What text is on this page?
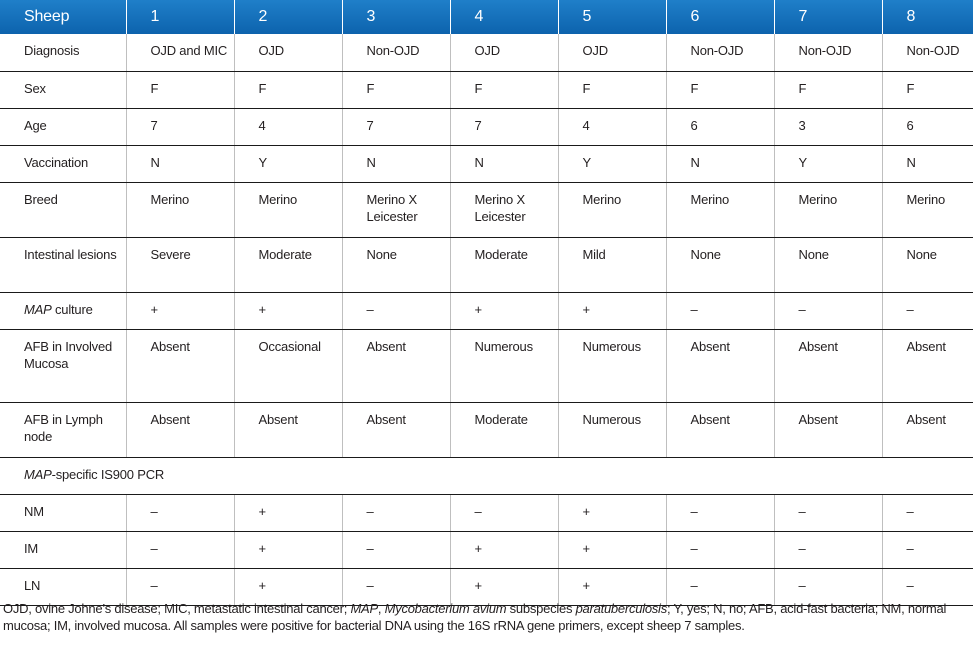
Sheep	1	2	3	4	5	6	7	8
Diagnosis	OJD and MIC	OJD	Non-OJD	OJD	OJD	Non-OJD	Non-OJD	Non-OJD
Sex	F	F	F	F	F	F	F	F
Age	7	4	7	7	4	6	3	6
Vaccination	N	Y	N	N	Y	N	Y	N
Breed	Merino	Merino	Merino X Leicester	Merino X Leicester	Merino	Merino	Merino	Merino
Intestinal lesions	Severe	Moderate	None	Moderate	Mild	None	None	None
MAP culture	+	+	–	+	+	–	–	–
AFB in Involved Mucosa	Absent	Occasional	Absent	Numerous	Numerous	Absent	Absent	Absent
AFB in Lymph node	Absent	Absent	Absent	Moderate	Numerous	Absent	Absent	Absent
MAP-specific IS900 PCR								
NM	–	+	–	–	+	–	–	–
IM	–	+	–	+	+	–	–	–
LN	–	+	–	+	+	–	–	–
OJD, ovine Johne’s disease; MIC, metastatic intestinal cancer; MAP, Mycobacterium avium subspecies paratuberculosis; Y, yes; N, no; AFB, acid-fast bacteria; NM, normal mucosa; IM, involved mucosa. All samples were positive for bacterial DNA using the 16S rRNA gene primers, except sheep 7 samples.
